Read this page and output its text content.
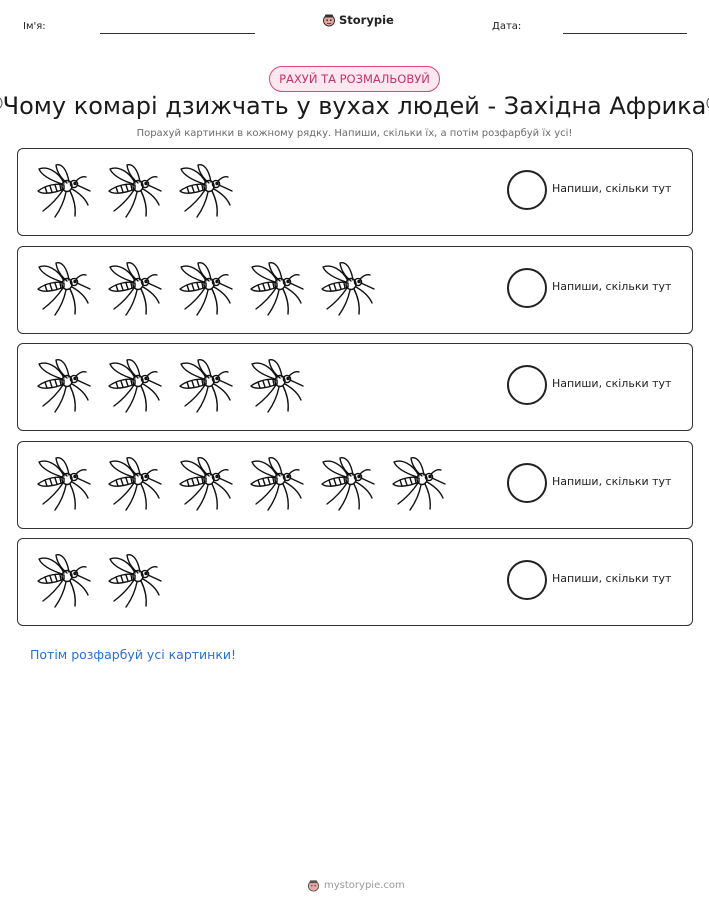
Ім'я:	Storypie	Дата:
РАХУЙ ТА РОЗМАЛЬОВУЙ
Чому комарі дзижчать у вухах людей - Західна Африка
Порахуй картинки в кожному рядку. Напиши, скільки їх, а потім розфарбуй їх усі!
Напиши, скільки тут
Напиши, скільки тут
Напиши, скільки тут
Напиши, скільки тут
Напиши, скільки тут
Потім розфарбуй усі картинки!
mystorypie.com
